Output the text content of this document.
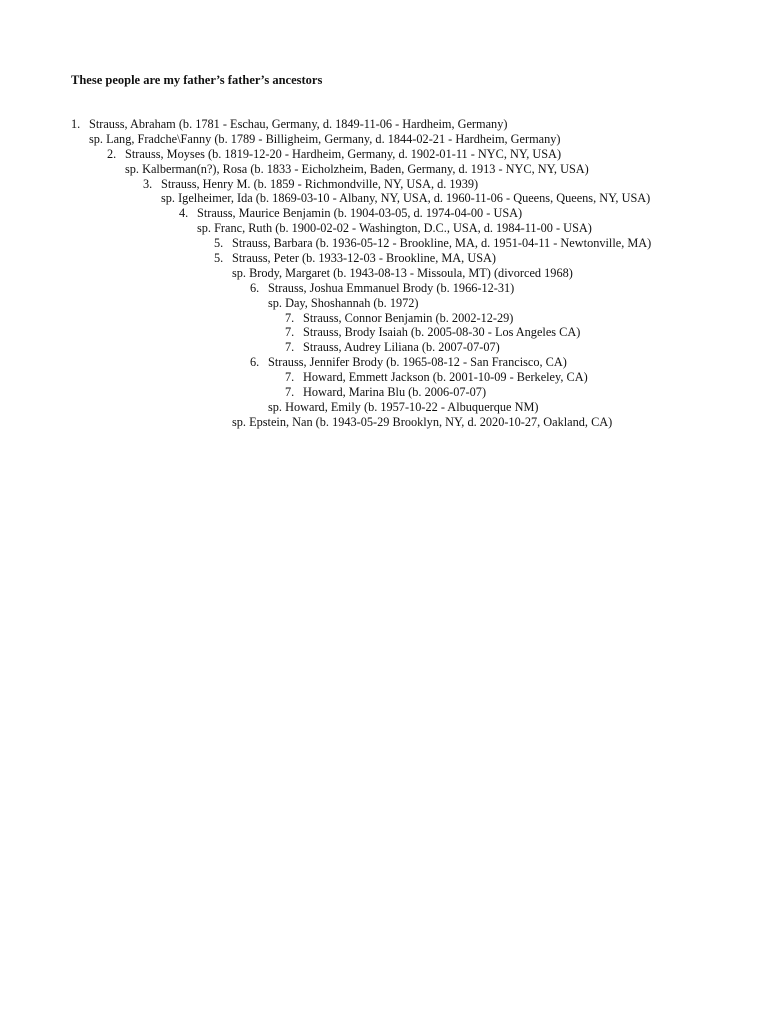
These people are my father’s father’s ancestors
1. Strauss, Abraham (b. 1781 - Eschau, Germany, d. 1849-11-06 - Hardheim, Germany)
sp. Lang, Fradche\Fanny (b. 1789 - Billigheim, Germany, d. 1844-02-21 - Hardheim, Germany)
2. Strauss, Moyses (b. 1819-12-20 - Hardheim, Germany, d. 1902-01-11 - NYC, NY, USA)
sp. Kalberman(n?), Rosa (b. 1833 - Eicholzheim, Baden, Germany, d. 1913 - NYC, NY, USA)
3. Strauss, Henry M. (b. 1859 - Richmondville, NY, USA, d. 1939)
sp. Igelheimer, Ida (b. 1869-03-10 - Albany, NY, USA, d. 1960-11-06 - Queens, Queens, NY, USA)
4. Strauss, Maurice Benjamin (b. 1904-03-05, d. 1974-04-00 - USA)
sp. Franc, Ruth (b. 1900-02-02 - Washington, D.C., USA, d. 1984-11-00 - USA)
5. Strauss, Barbara (b. 1936-05-12 - Brookline, MA, d. 1951-04-11 - Newtonville, MA)
5. Strauss, Peter (b. 1933-12-03 - Brookline, MA, USA)
sp. Brody, Margaret (b. 1943-08-13 - Missoula, MT) (divorced 1968)
6. Strauss, Joshua Emmanuel Brody (b. 1966-12-31)
sp. Day, Shoshannah (b. 1972)
7. Strauss, Connor Benjamin (b. 2002-12-29)
7. Strauss, Brody Isaiah (b. 2005-08-30 - Los Angeles CA)
7. Strauss, Audrey Liliana (b. 2007-07-07)
6. Strauss, Jennifer Brody (b. 1965-08-12 - San Francisco, CA)
7. Howard, Emmett Jackson (b. 2001-10-09 - Berkeley, CA)
7. Howard, Marina Blu (b. 2006-07-07)
sp. Howard, Emily (b. 1957-10-22 - Albuquerque NM)
sp. Epstein, Nan (b. 1943-05-29 Brooklyn, NY, d. 2020-10-27, Oakland, CA)
